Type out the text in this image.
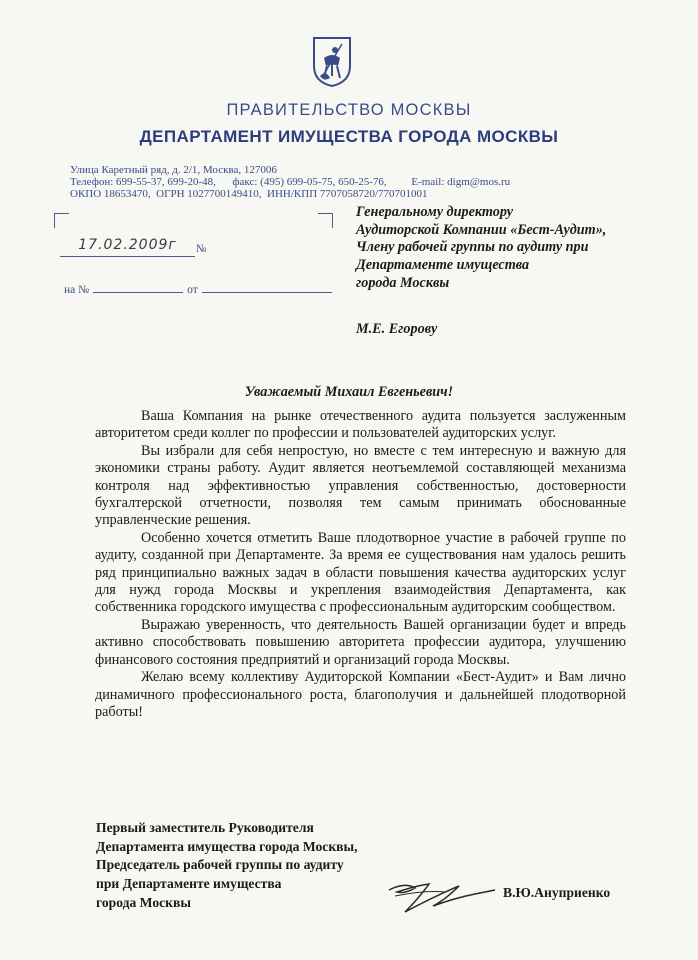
ПРАВИТЕЛЬСТВО МОСКВЫ
ДЕПАРТАМЕНТ ИМУЩЕСТВА ГОРОДА МОСКВЫ
Улица Каретный ряд, д. 2/1, Москва, 127006
Телефон: 699-55-37, 699-20-48,      факс: (495) 699-05-75, 650-25-76,         E-mail: digm@mos.ru
ОКПО 18653470,  ОГРН 1027700149410,  ИНН/КПП 7707058720/770701001
17.02.2009г	№
на №	от
Генеральному директору
Аудиторской Компании «Бест-Аудит»,
Члену рабочей группы по аудиту при
Департаменте имущества
города Москвы
М.Е. Егорову
Уважаемый Михаил Евгеньевич!

Ваша Компания на рынке отечественного аудита пользуется заслуженным авторитетом среди коллег по профессии и пользователей аудиторских услуг.

Вы избрали для себя непростую, но вместе с тем интересную и важную для экономики страны работу. Аудит является неотъемлемой составляющей механизма контроля над эффективностью управления собственностью, достоверности бухгалтерской отчетности, позволяя тем самым принимать обоснованные управленческие решения.

Особенно хочется отметить Ваше плодотворное участие в рабочей группе по аудиту, созданной при Департаменте. За время ее существования нам удалось решить ряд принципиально важных задач в области повышения качества аудиторских услуг для нужд города Москвы и укрепления взаимодействия Департамента, как собственника городского имущества с профессиональным аудиторским сообществом.

Выражаю уверенность, что деятельность Вашей организации будет и впредь активно способствовать повышению авторитета профессии аудитора, улучшению финансового состояния предприятий и организаций города Москвы.

Желаю всему коллективу Аудиторской Компании «Бест-Аудит» и Вам лично динамичного профессионального роста, благополучия и дальнейшей плодотворной работы!

Первый заместитель Руководителя
Департамента имущества города Москвы,
Председатель рабочей группы по аудиту
при Департаменте имущества
города Москвы
В.Ю.Ануприенко
